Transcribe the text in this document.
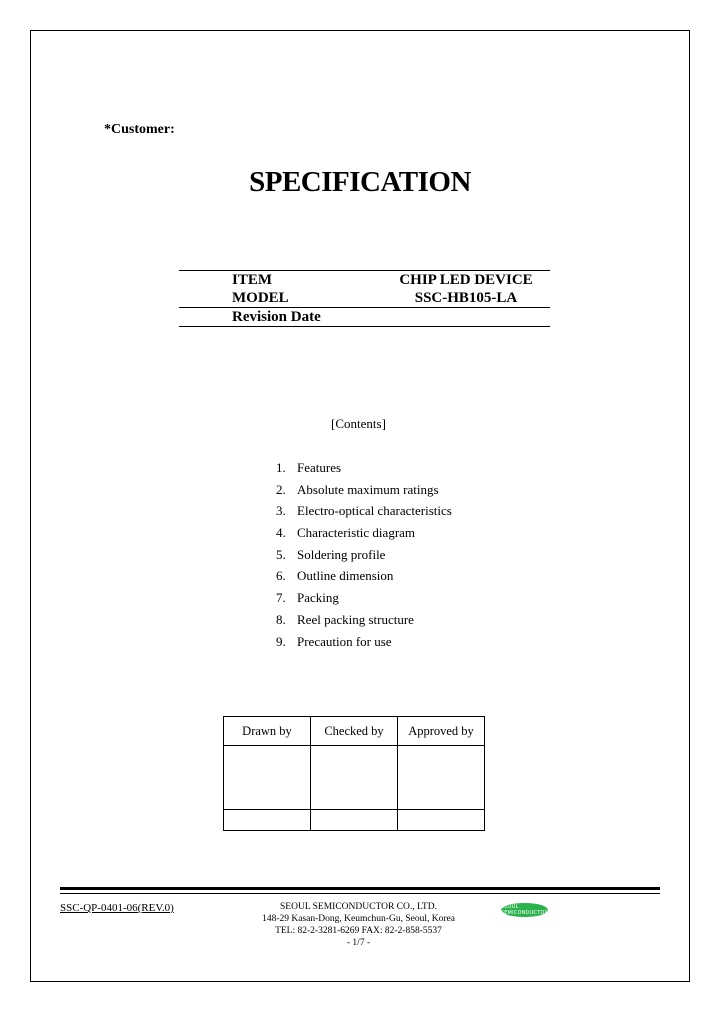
*Customer:
SPECIFICATION
ITEM	CHIP LED DEVICE
MODEL	SSC-HB105-LA
Revision Date	
[Contents]
1. Features
2. Absolute maximum ratings
3. Electro-optical characteristics
4. Characteristic diagram
5. Soldering profile
6. Outline dimension
7. Packing
8. Reel packing structure
9. Precaution for use
Drawn by	Checked by	Approved by

SSC-QP-0401-06(REV.0)	SEOUL SEMICONDUCTOR CO., LTD.
148-29 Kasan-Dong, Keumchun-Gu, Seoul, Korea
TEL: 82-2-3281-6269 FAX: 82-2-858-5537
- 1/7 -
SEOUL SEMICONDUCTOR
